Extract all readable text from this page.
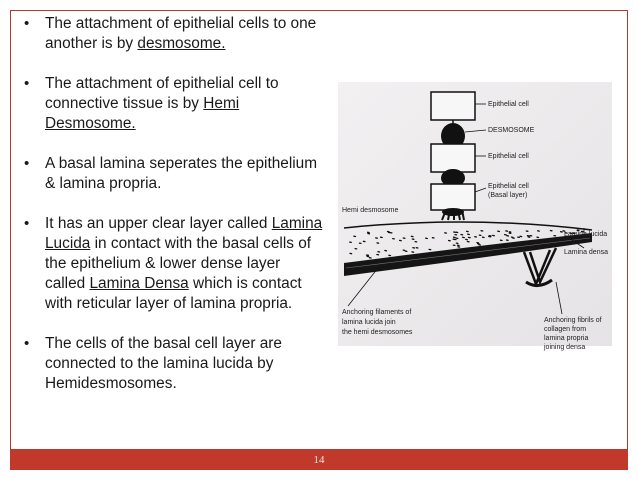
• The attachment of epithelial cells to one another is by desmosome.
• The attachment of epithelial cell to connective tissue is by Hemi Desmosome.
• A basal lamina seperates the epithelium & lamina propria.
• It has an upper clear layer called Lamina Lucida in contact with the basal cells of the epithelium & lower dense layer called Lamina Densa which is contact with reticular layer of lamina propria.
• The cells of the basal cell layer are connected to the lamina lucida by Hemidesmosomes.
Epithelial cell
DESMOSOME
Epithelial cell
Epithelial cell
(Basal layer)
Hemi desmosome
Lamina lucida
Lamina densa
Anchoring filaments of
lamina lucida join
the hemi desmosomes
Anchoring fibrils of
collagen from
lamina propria
joining densa
14
